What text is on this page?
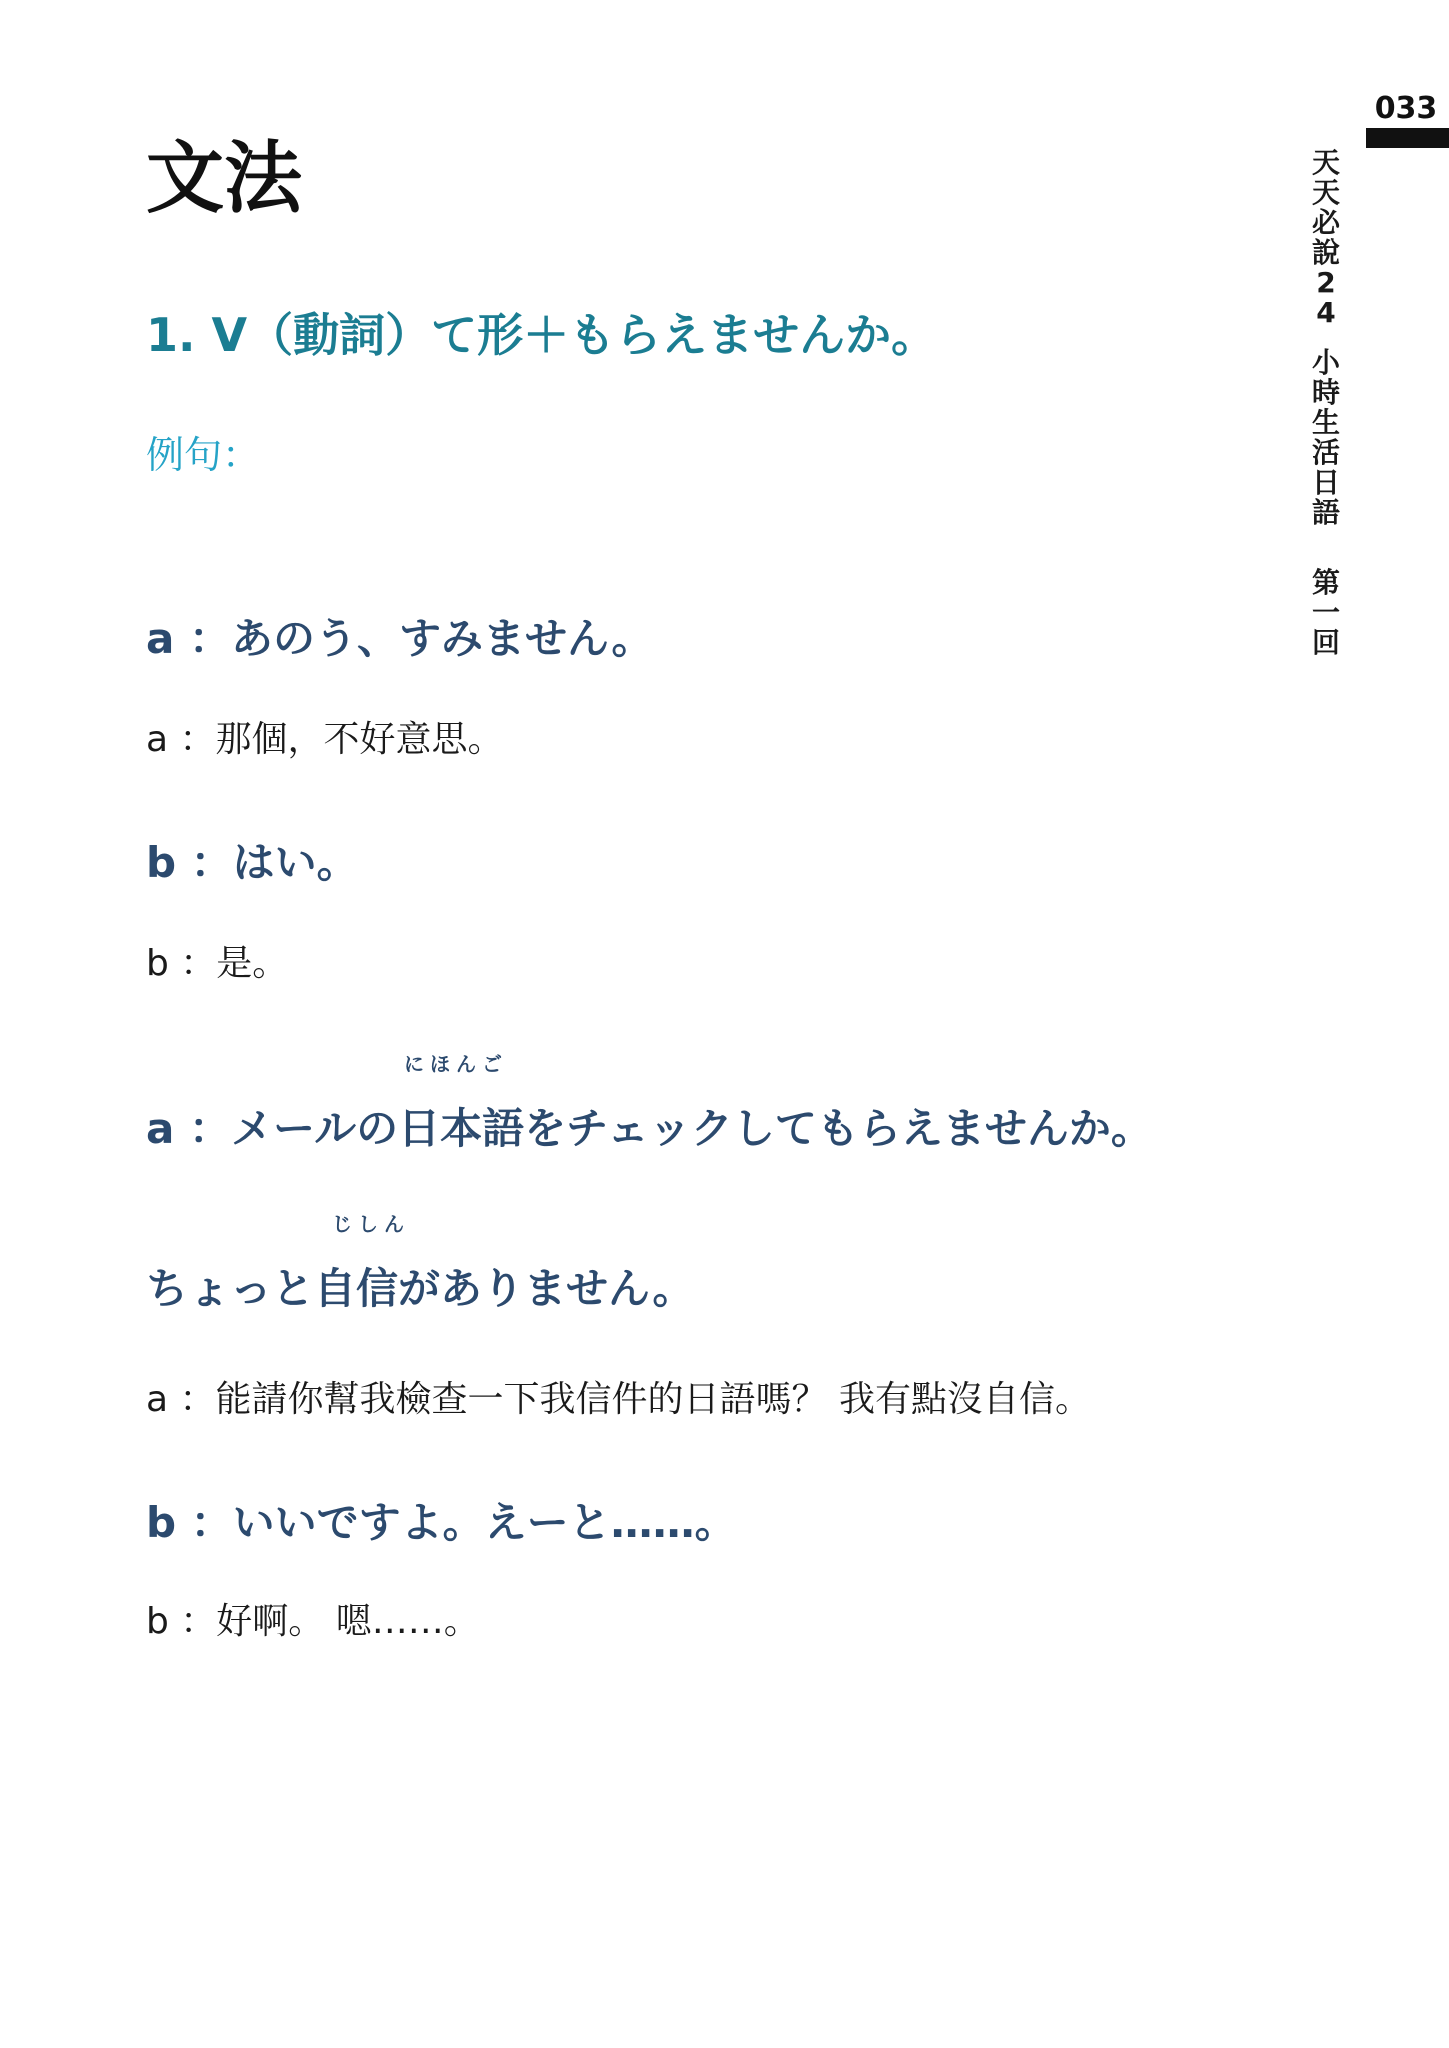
033
天
天
必
說
2
4
小
時
生
活
日
語
第
一
回
文法
1. V（動詞）て形＋もらえませんか。
例句：
a ：あのう、すみません。
a ：那個，不好意思。
b ：はい。
b ：是。
にほんご
a ：メールの日本語をチェックしてもらえませんか。
じしん
ちょっと自信がありません。
a ：能請你幫我檢查一下我信件的日語嗎？ 我有點沒自信。
b ：いいですよ。えーと……。
b ：好啊。 嗯……。
